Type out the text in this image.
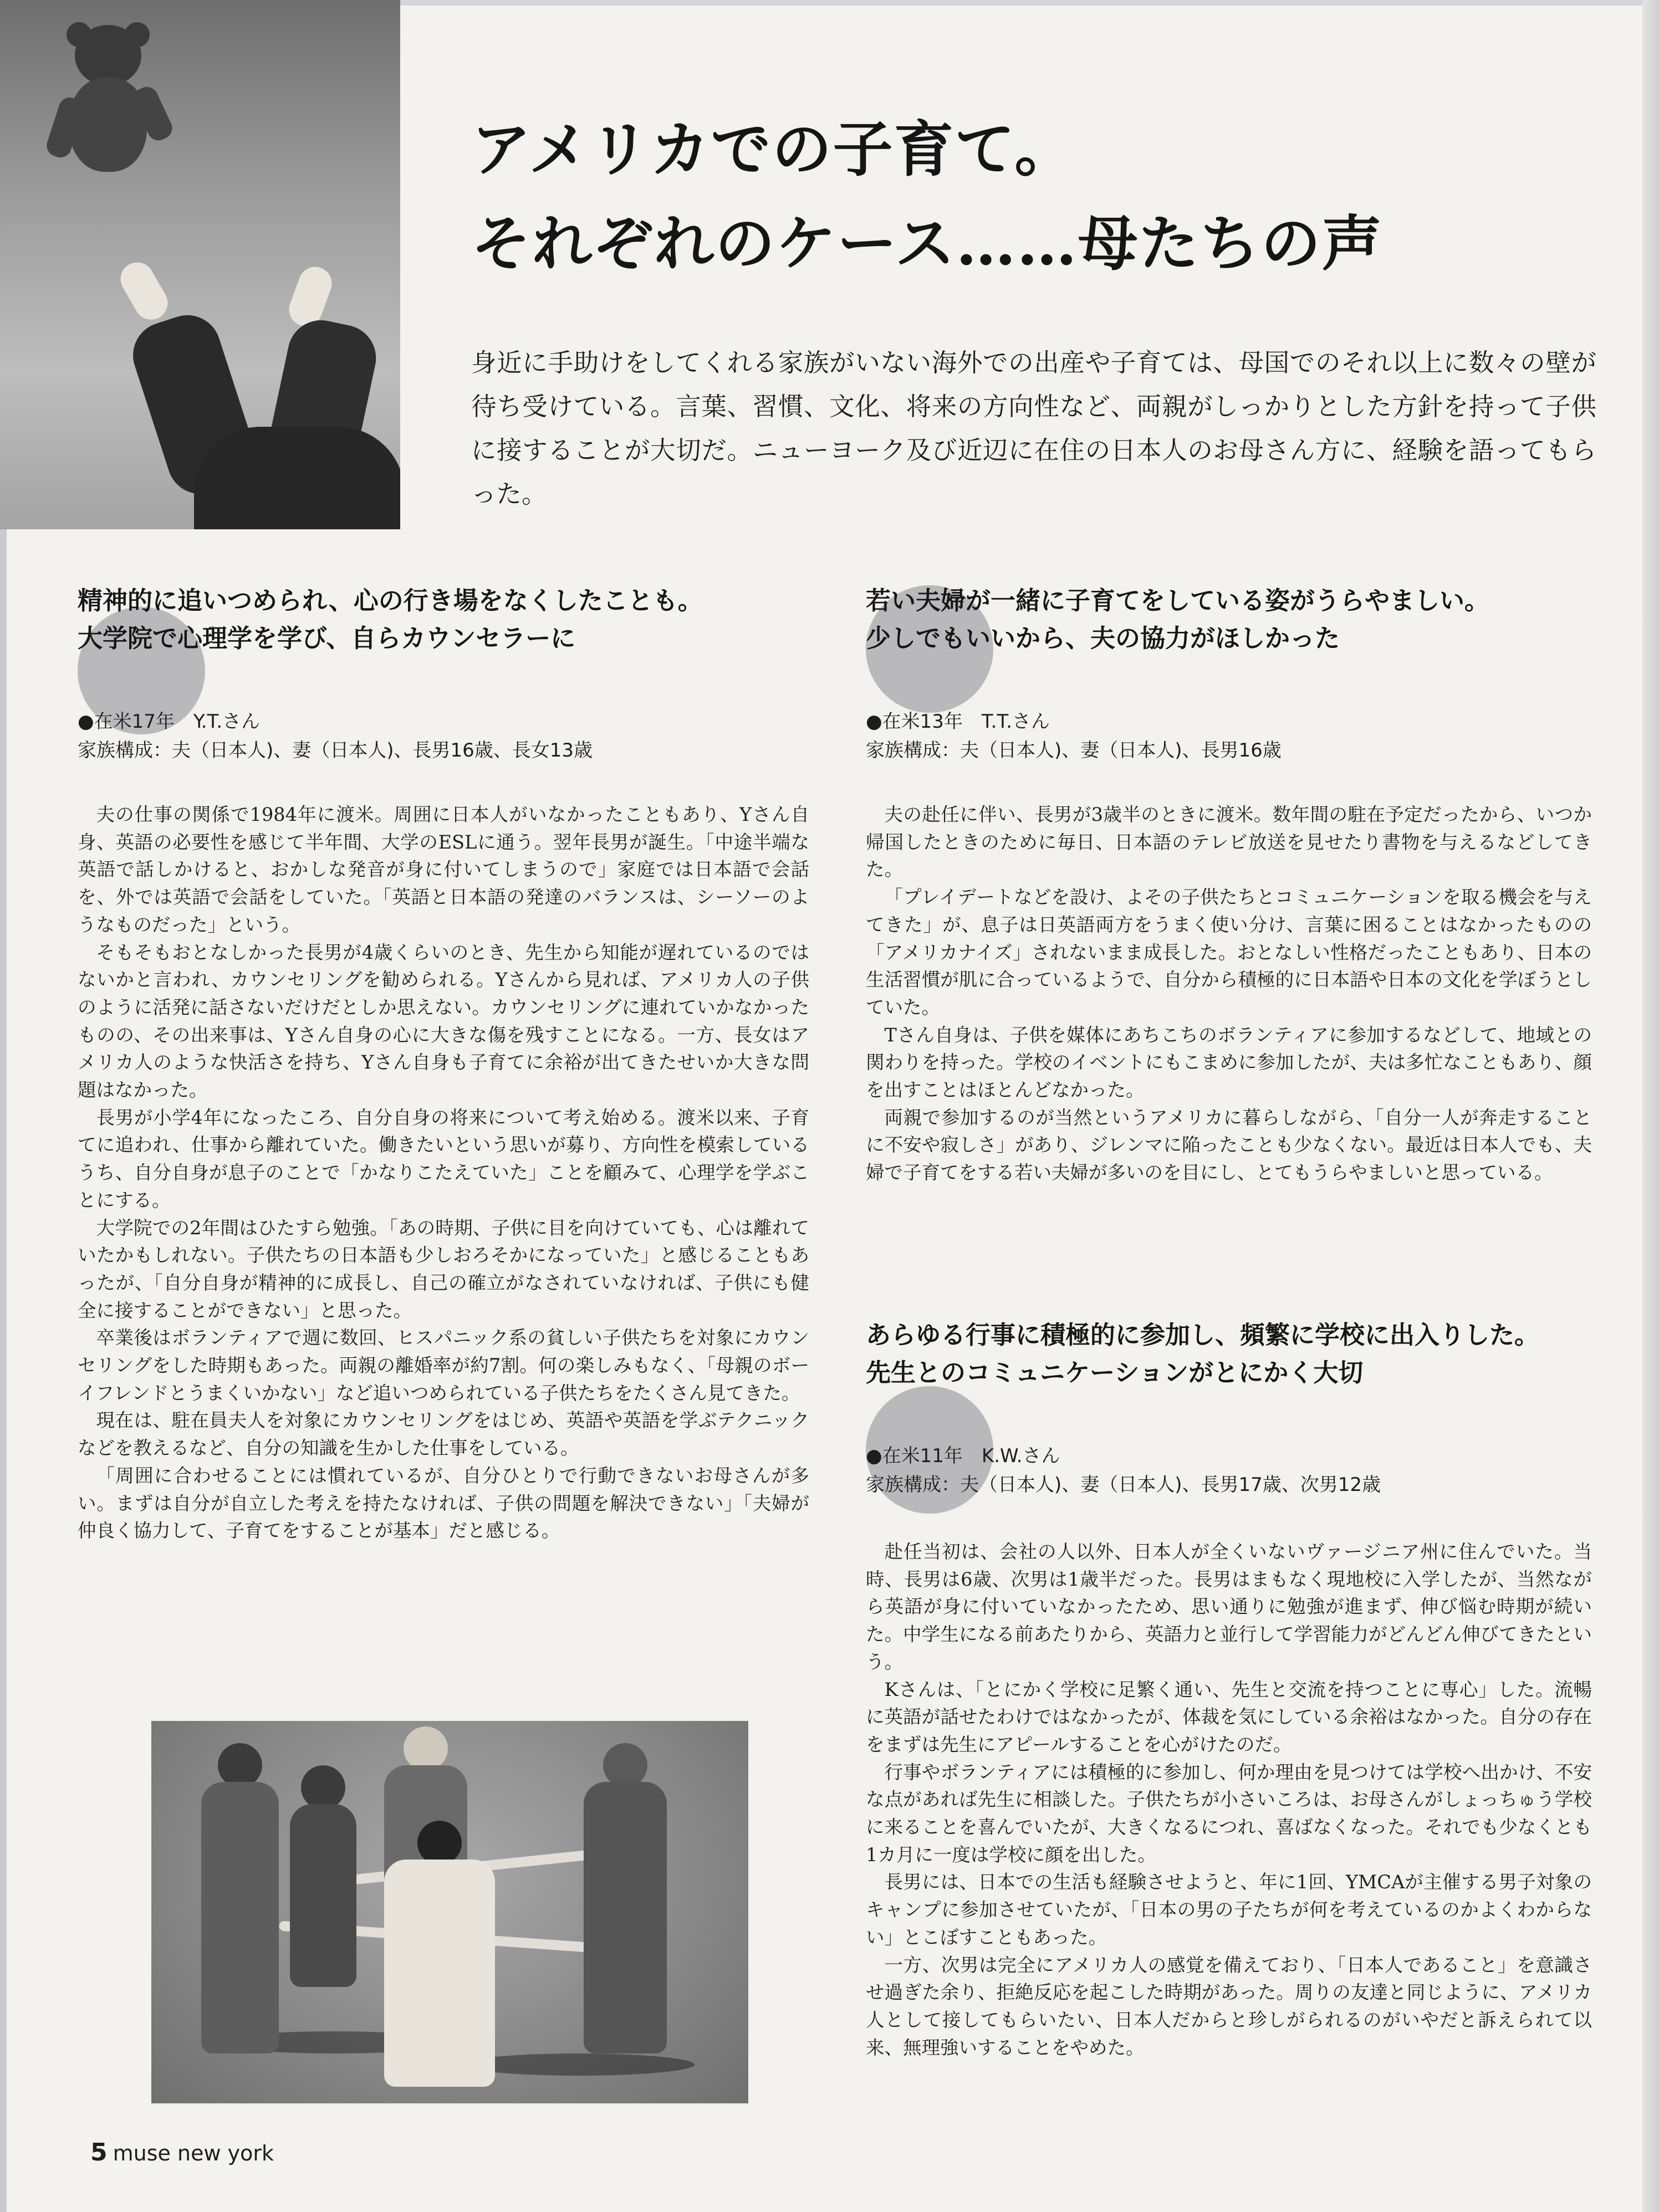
アメリカでの子育て。
それぞれのケース……母たちの声

身近に手助けをしてくれる家族がいない海外での出産や子育ては、母国でのそれ以上に数々の壁が待ち受けている。言葉、習慣、文化、将来の方向性など、両親がしっかりとした方針を持って子供に接することが大切だ。ニューヨーク及び近辺に在住の日本人のお母さん方に、経験を語ってもらった。

精神的に追いつめられ、心の行き場をなくしたことも。
大学院で心理学を学び、自らカウンセラーに
●在米17年　Y.T.さん
家族構成：夫（日本人)、妻（日本人)、長男16歳、長女13歳

夫の仕事の関係で1984年に渡米。周囲に日本人がいなかったこともあり、Yさん自身、英語の必要性を感じて半年間、大学のESLに通う。翌年長男が誕生。「中途半端な英語で話しかけると、おかしな発音が身に付いてしまうので」家庭では日本語で会話を、外では英語で会話をしていた。「英語と日本語の発達のバランスは、シーソーのようなものだった」という。

そもそもおとなしかった長男が4歳くらいのとき、先生から知能が遅れているのではないかと言われ、カウンセリングを勧められる。Yさんから見れば、アメリカ人の子供のように活発に話さないだけだとしか思えない。カウンセリングに連れていかなかったものの、その出来事は、Yさん自身の心に大きな傷を残すことになる。一方、長女はアメリカ人のような快活さを持ち、Yさん自身も子育てに余裕が出てきたせいか大きな問題はなかった。

長男が小学4年になったころ、自分自身の将来について考え始める。渡米以来、子育てに追われ、仕事から離れていた。働きたいという思いが募り、方向性を模索しているうち、自分自身が息子のことで「かなりこたえていた」ことを顧みて、心理学を学ぶことにする。

大学院での2年間はひたすら勉強。「あの時期、子供に目を向けていても、心は離れていたかもしれない。子供たちの日本語も少しおろそかになっていた」と感じることもあったが、「自分自身が精神的に成長し、自己の確立がなされていなければ、子供にも健全に接することができない」と思った。

卒業後はボランティアで週に数回、ヒスパニック系の貧しい子供たちを対象にカウンセリングをした時期もあった。両親の離婚率が約7割。何の楽しみもなく、「母親のボーイフレンドとうまくいかない」など追いつめられている子供たちをたくさん見てきた。

現在は、駐在員夫人を対象にカウンセリングをはじめ、英語や英語を学ぶテクニックなどを教えるなど、自分の知識を生かした仕事をしている。

「周囲に合わせることには慣れているが、自分ひとりで行動できないお母さんが多い。まずは自分が自立した考えを持たなければ、子供の問題を解決できない」「夫婦が仲良く協力して、子育てをすることが基本」だと感じる。

若い夫婦が一緒に子育てをしている姿がうらやましい。
少しでもいいから、夫の協力がほしかった
●在米13年　T.T.さん
家族構成：夫（日本人)、妻（日本人)、長男16歳

夫の赴任に伴い、長男が3歳半のときに渡米。数年間の駐在予定だったから、いつか帰国したときのために毎日、日本語のテレビ放送を見せたり書物を与えるなどしてきた。

「プレイデートなどを設け、よその子供たちとコミュニケーションを取る機会を与えてきた」が、息子は日英語両方をうまく使い分け、言葉に困ることはなかったものの「アメリカナイズ」されないまま成長した。おとなしい性格だったこともあり、日本の生活習慣が肌に合っているようで、自分から積極的に日本語や日本の文化を学ぼうとしていた。

Tさん自身は、子供を媒体にあちこちのボランティアに参加するなどして、地域との関わりを持った。学校のイベントにもこまめに参加したが、夫は多忙なこともあり、顔を出すことはほとんどなかった。

両親で参加するのが当然というアメリカに暮らしながら、「自分一人が奔走することに不安や寂しさ」があり、ジレンマに陥ったことも少なくない。最近は日本人でも、夫婦で子育てをする若い夫婦が多いのを目にし、とてもうらやましいと思っている。

あらゆる行事に積極的に参加し、頻繁に学校に出入りした。
先生とのコミュニケーションがとにかく大切
●在米11年　K.W.さん
家族構成：夫（日本人)、妻（日本人)、長男17歳、次男12歳

赴任当初は、会社の人以外、日本人が全くいないヴァージニア州に住んでいた。当時、長男は6歳、次男は1歳半だった。長男はまもなく現地校に入学したが、当然ながら英語が身に付いていなかったため、思い通りに勉強が進まず、伸び悩む時期が続いた。中学生になる前あたりから、英語力と並行して学習能力がどんどん伸びてきたという。

Kさんは、「とにかく学校に足繁く通い、先生と交流を持つことに専心」した。流暢に英語が話せたわけではなかったが、体裁を気にしている余裕はなかった。自分の存在をまずは先生にアピールすることを心がけたのだ。

行事やボランティアには積極的に参加し、何か理由を見つけては学校へ出かけ、不安な点があれば先生に相談した。子供たちが小さいころは、お母さんがしょっちゅう学校に来ることを喜んでいたが、大きくなるにつれ、喜ばなくなった。それでも少なくとも1カ月に一度は学校に顔を出した。

長男には、日本での生活も経験させようと、年に1回、YMCAが主催する男子対象のキャンプに参加させていたが、「日本の男の子たちが何を考えているのかよくわからない」とこぼすこともあった。

一方、次男は完全にアメリカ人の感覚を備えており、「日本人であること」を意識させ過ぎた余り、拒絶反応を起こした時期があった。周りの友達と同じように、アメリカ人として接してもらいたい、日本人だからと珍しがられるのがいやだと訴えられて以来、無理強いすることをやめた。

5 muse new york
